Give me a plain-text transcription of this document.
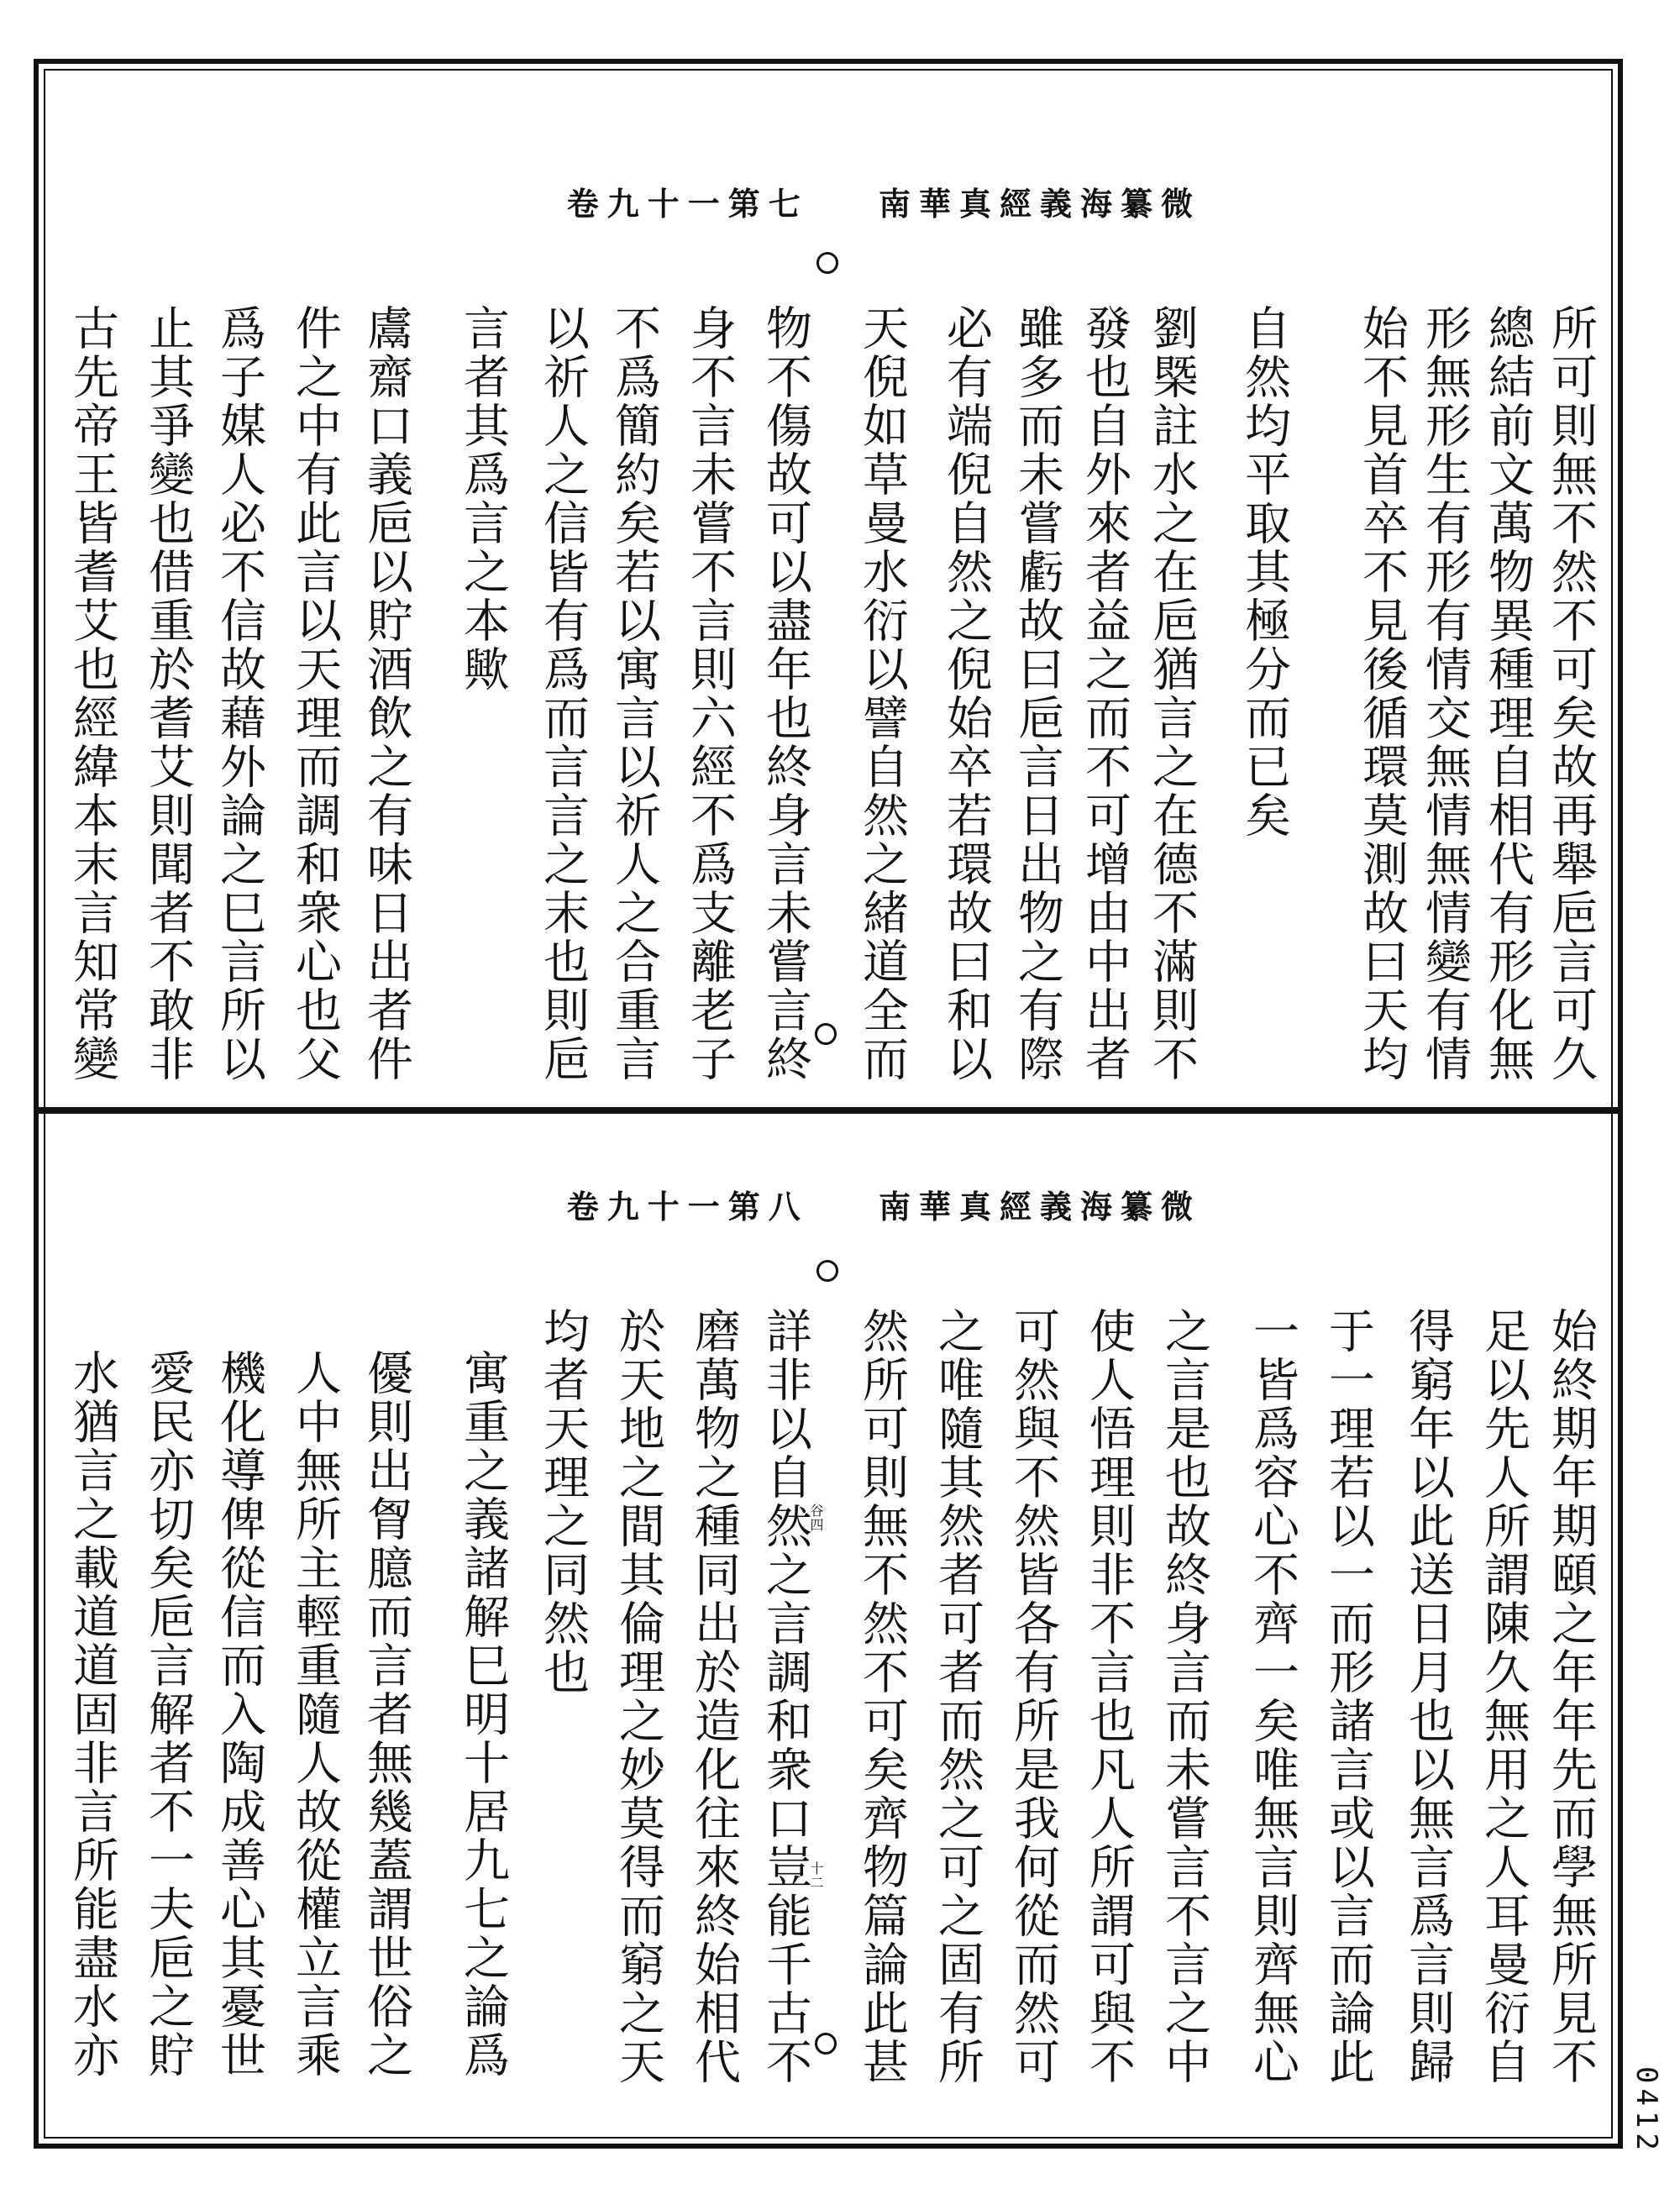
南華真經義海纂微 卷九十一第七
所可則無不然不可矣故再舉巵言可久
總結前文萬物異種理自相代有形化無
形無形生有形有情交無情無情變有情
始不見首卒不見後循環莫測故曰天均
自然均平取其極分而已矣
劉槩註水之在巵猶言之在德不滿則不
發也自外來者益之而不可增由中出者
雖多而未嘗虧故曰巵言日出物之有際
必有端倪自然之倪始卒若環故曰和以
天倪如草曼水衍以譬自然之緒道全而
物不傷故可以盡年也終身言未嘗言終
身不言未嘗不言則六經不爲支離老子
不爲簡約矣若以寓言以祈人之合重言
以祈人之信皆有爲而言言之末也則巵
言者其爲言之本歟
鬳齋口義巵以貯酒飲之有味日出者件
件之中有此言以天理而調和衆心也父
爲子媒人必不信故藉外論之巳言所以
止其爭變也借重於耆艾則聞者不敢非
古先帝王皆耆艾也經緯本末言知常變
南華真經義海纂微 卷九十一第八
始終期年期頤之年年先而學無所見不
足以先人所謂陳久無用之人耳曼衍自
得窮年以此送日月也以無言爲言則歸
于一理若以一而形諸言或以言而論此
一皆爲容心不齊一矣唯無言則齊無心
之言是也故終身言而未嘗言不言之中
使人悟理則非不言也凡人所謂可與不
可然與不然皆各有所是我何從而然可
之唯隨其然者可者而然之可之固有所
然所可則無不然不可矣齊物篇論此甚
詳非以自然之言調和衆口豈能千古不
磨萬物之種同出於造化往來終始相代
於天地之間其倫理之妙莫得而窮之天
均者天理之同然也
寓重之義諸解巳明十居九七之論爲
優則出胷臆而言者無幾蓋謂世俗之
人中無所主輕重隨人故從權立言乘
機化導俾從信而入陶成善心其憂世
愛民亦切矣巵言解者不一夫巵之貯
水猶言之載道道固非言所能盡水亦	谷四
十二
0412
